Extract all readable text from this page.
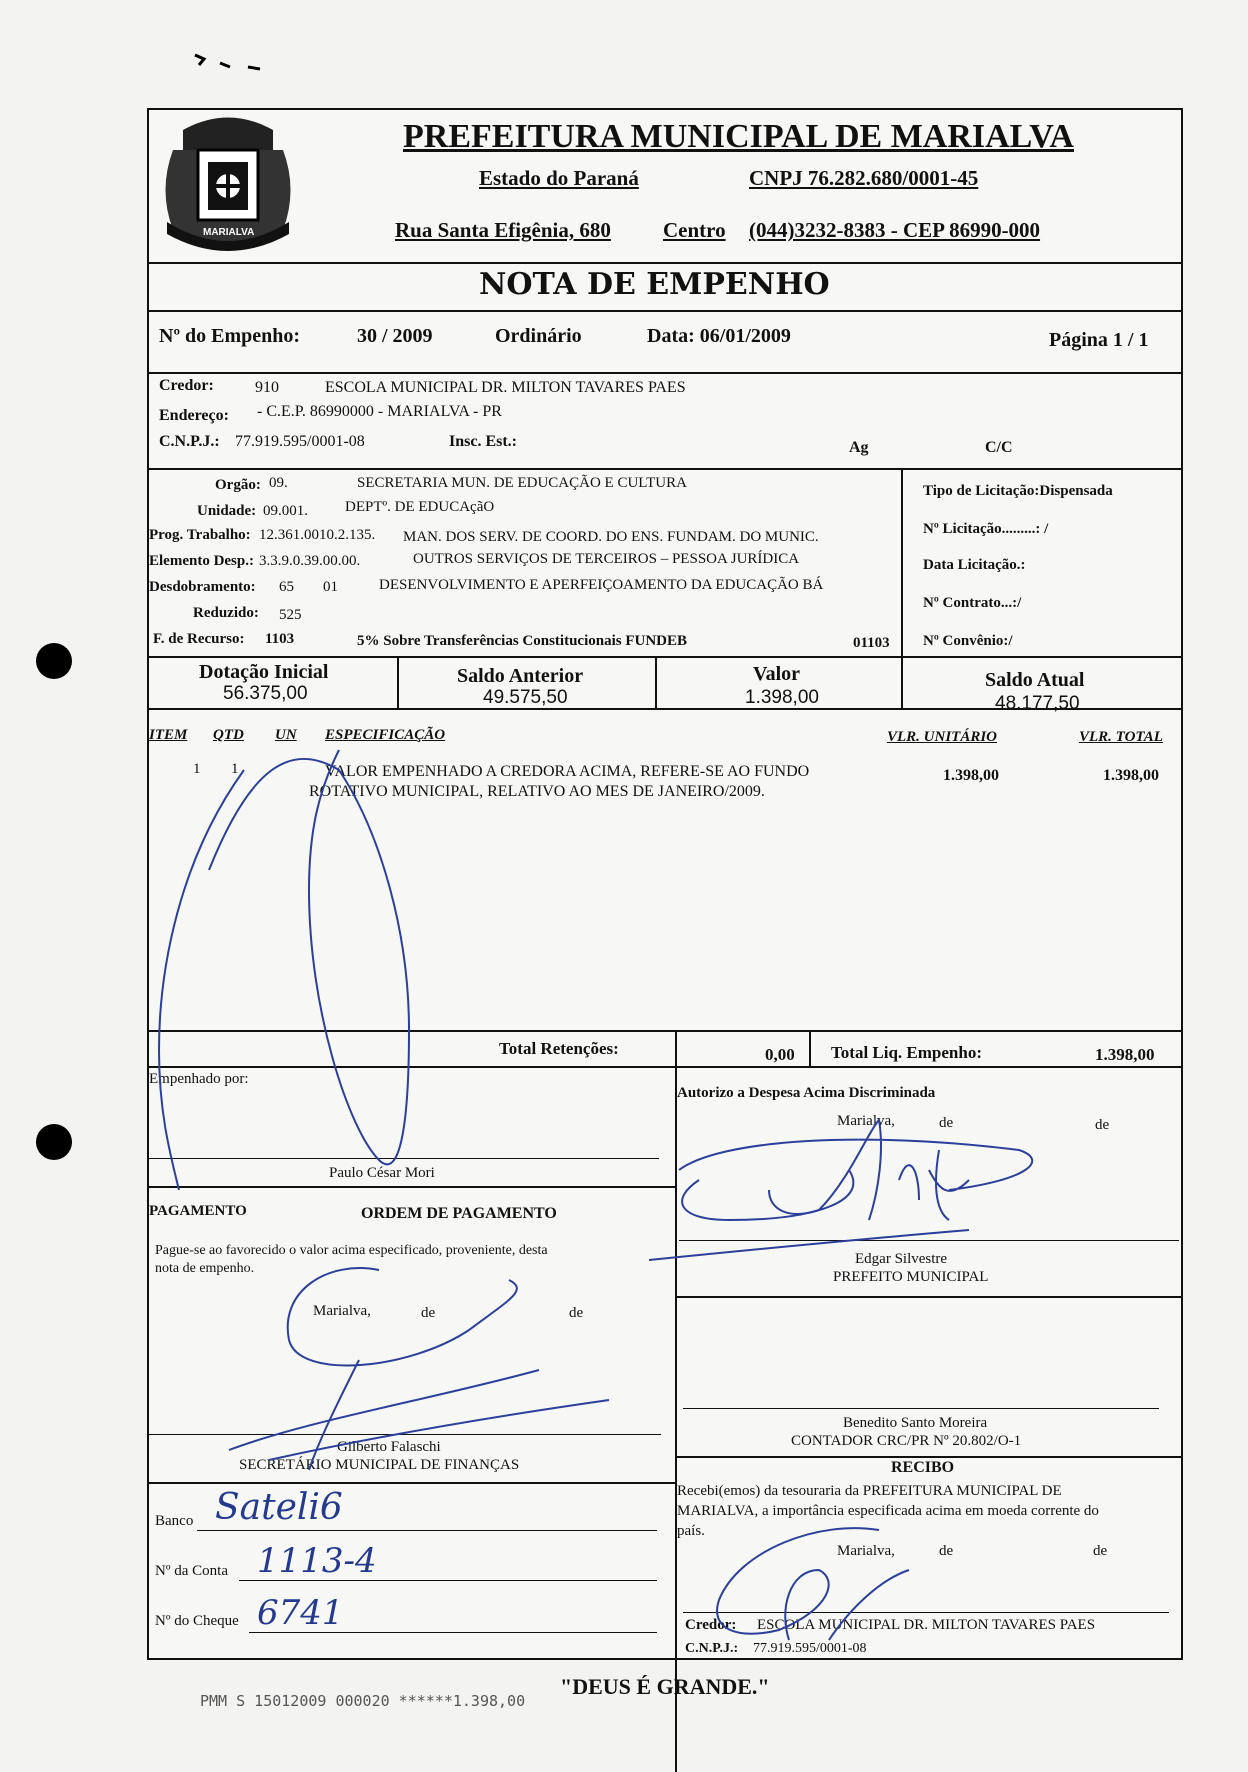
MARIALVA
PREFEITURA MUNICIPAL DE MARIALVA
Estado do Paraná	CNPJ 76.282.680/0001-45
Rua Santa Efigênia, 680 Centro (044)3232-8383 - CEP 86990-000
NOTA DE EMPENHO
Nº do Empenho:	30 / 2009	Ordinário	Data: 06/01/2009	Página 1 / 1
Credor:	910	ESCOLA MUNICIPAL DR. MILTON TAVARES PAES
Endereço: - C.E.P. 86990000 - MARIALVA - PR
C.N.P.J.: 77.919.595/0001-08	Insc. Est.:	Ag	C/C
Orgão: 09.	SECRETARIA MUN. DE EDUCAÇÃO E CULTURA
Unidade: 09.001. DEPTº. DE EDUCAçãO
Prog. Trabalho: 12.361.0010.2.135. MAN. DOS SERV. DE COORD. DO ENS. FUNDAM. DO MUNIC.
Elemento Desp.: 3.3.9.0.39.00.00.	OUTROS SERVIÇOS DE TERCEIROS – PESSOA JURÍDICA
Desdobramento: 65 01	DESENVOLVIMENTO E APERFEIÇOAMENTO DA EDUCAÇÃO BÁ
Reduzido: 525
F. de Recurso: 1103	5% Sobre Transferências Constitucionais FUNDEB	01103
Tipo de Licitação:Dispensada
Nº Licitação.........: /
Data Licitação.:
Nº Contrato...:/
Nº Convênio:/
Dotação Inicial
56.375,00
Saldo Anterior
49.575,50
Valor
1.398,00
Saldo Atual
48.177,50
ITEM QTD UN ESPECIFICAÇÃO	VLR. UNITÁRIO	VLR. TOTAL
1 1	VALOR EMPENHADO A CREDORA ACIMA, REFERE-SE AO FUNDO
ROTATIVO MUNICIPAL, RELATIVO AO MES DE JANEIRO/2009.
1.398,00	1.398,00
Total Retenções:	0,00 Total Liq. Empenho:	1.398,00
Empenhado por:
Paulo César Mori
Autorizo a Despesa Acima Discriminada
Marialva,	de	de
Edgar Silvestre
PREFEITO MUNICIPAL
PAGAMENTO	ORDEM DE PAGAMENTO
Pague-se ao favorecido o valor acima especificado, proveniente, desta
nota de empenho.
Marialva,	de	de
Gilberto Falaschi
SECRETÁRIO MUNICIPAL DE FINANÇAS
Benedito Santo Moreira
CONTADOR CRC/PR Nº 20.802/O-1
Banco Sateli6
Nº da Conta 1113-4
Nº do Cheque 6741
RECIBO
Recebi(emos) da tesouraria da PREFEITURA MUNICIPAL DE
MARIALVA, a importância especificada acima em moeda corrente do
país.
Marialva,	de	de
Credor: ESCOLA MUNICIPAL DR. MILTON TAVARES PAES
C.N.P.J.: 77.919.595/0001-08
"DEUS É GRANDE."
PMM S 15012009 000020 ******1.398,00
